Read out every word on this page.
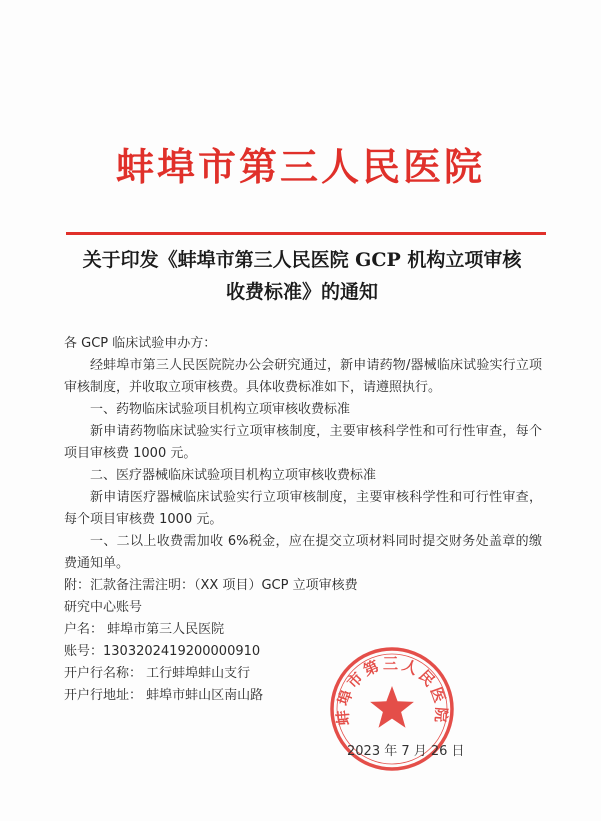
蚌埠市第三人民医院
关于印发《蚌埠市第三人民医院 GCP 机构立项审核
收费标准》的通知

各 GCP 临床试验申办方：

经蚌埠市第三人民医院院办公会研究通过，新申请药物/器械临床试验实行立项审核制度，并收取立项审核费。具体收费标准如下，请遵照执行。

一、药物临床试验项目机构立项审核收费标准

新申请药物临床试验实行立项审核制度，主要审核科学性和可行性审查，每个项目审核费 1000 元。

二、医疗器械临床试验项目机构立项审核收费标准

新申请医疗器械临床试验实行立项审核制度，主要审核科学性和可行性审查，每个项目审核费 1000 元。

一、二以上收费需加收 6%税金，应在提交立项材料同时提交财务处盖章的缴费通知单。

附：汇款备注需注明：（XX 项目）GCP 立项审核费

研究中心账号

户名： 蚌埠市第三人民医院

账号：130320241920000091​0

开户行名称： 工行蚌埠蚌山支行

开户行地址： 蚌埠市蚌山区南山路

蚌埠市第三人民医院
2023 年 7 月 26 日
